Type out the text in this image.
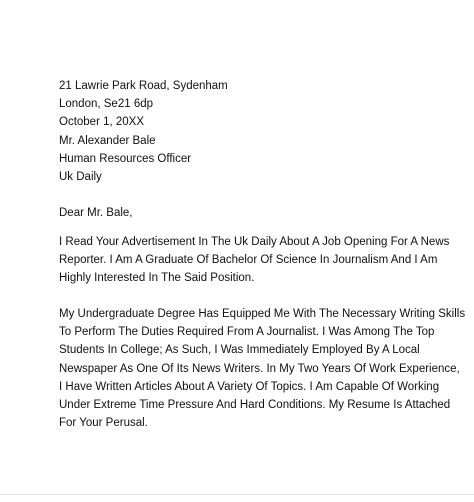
21 Lawrie Park Road, Sydenham
London, Se21 6dp
October 1, 20XX
Mr. Alexander Bale
Human Resources Officer
Uk Daily
Dear Mr. Bale,
I Read Your Advertisement In The Uk Daily About A Job Opening For A News
Reporter. I Am A Graduate Of Bachelor Of Science In Journalism And I Am
Highly Interested In The Said Position.
My Undergraduate Degree Has Equipped Me With The Necessary Writing Skills
To Perform The Duties Required From A Journalist. I Was Among The Top
Students In College; As Such, I Was Immediately Employed By A Local
Newspaper As One Of Its News Writers. In My Two Years Of Work Experience,
I Have Written Articles About A Variety Of Topics. I Am Capable Of Working
Under Extreme Time Pressure And Hard Conditions. My Resume Is Attached
For Your Perusal.
